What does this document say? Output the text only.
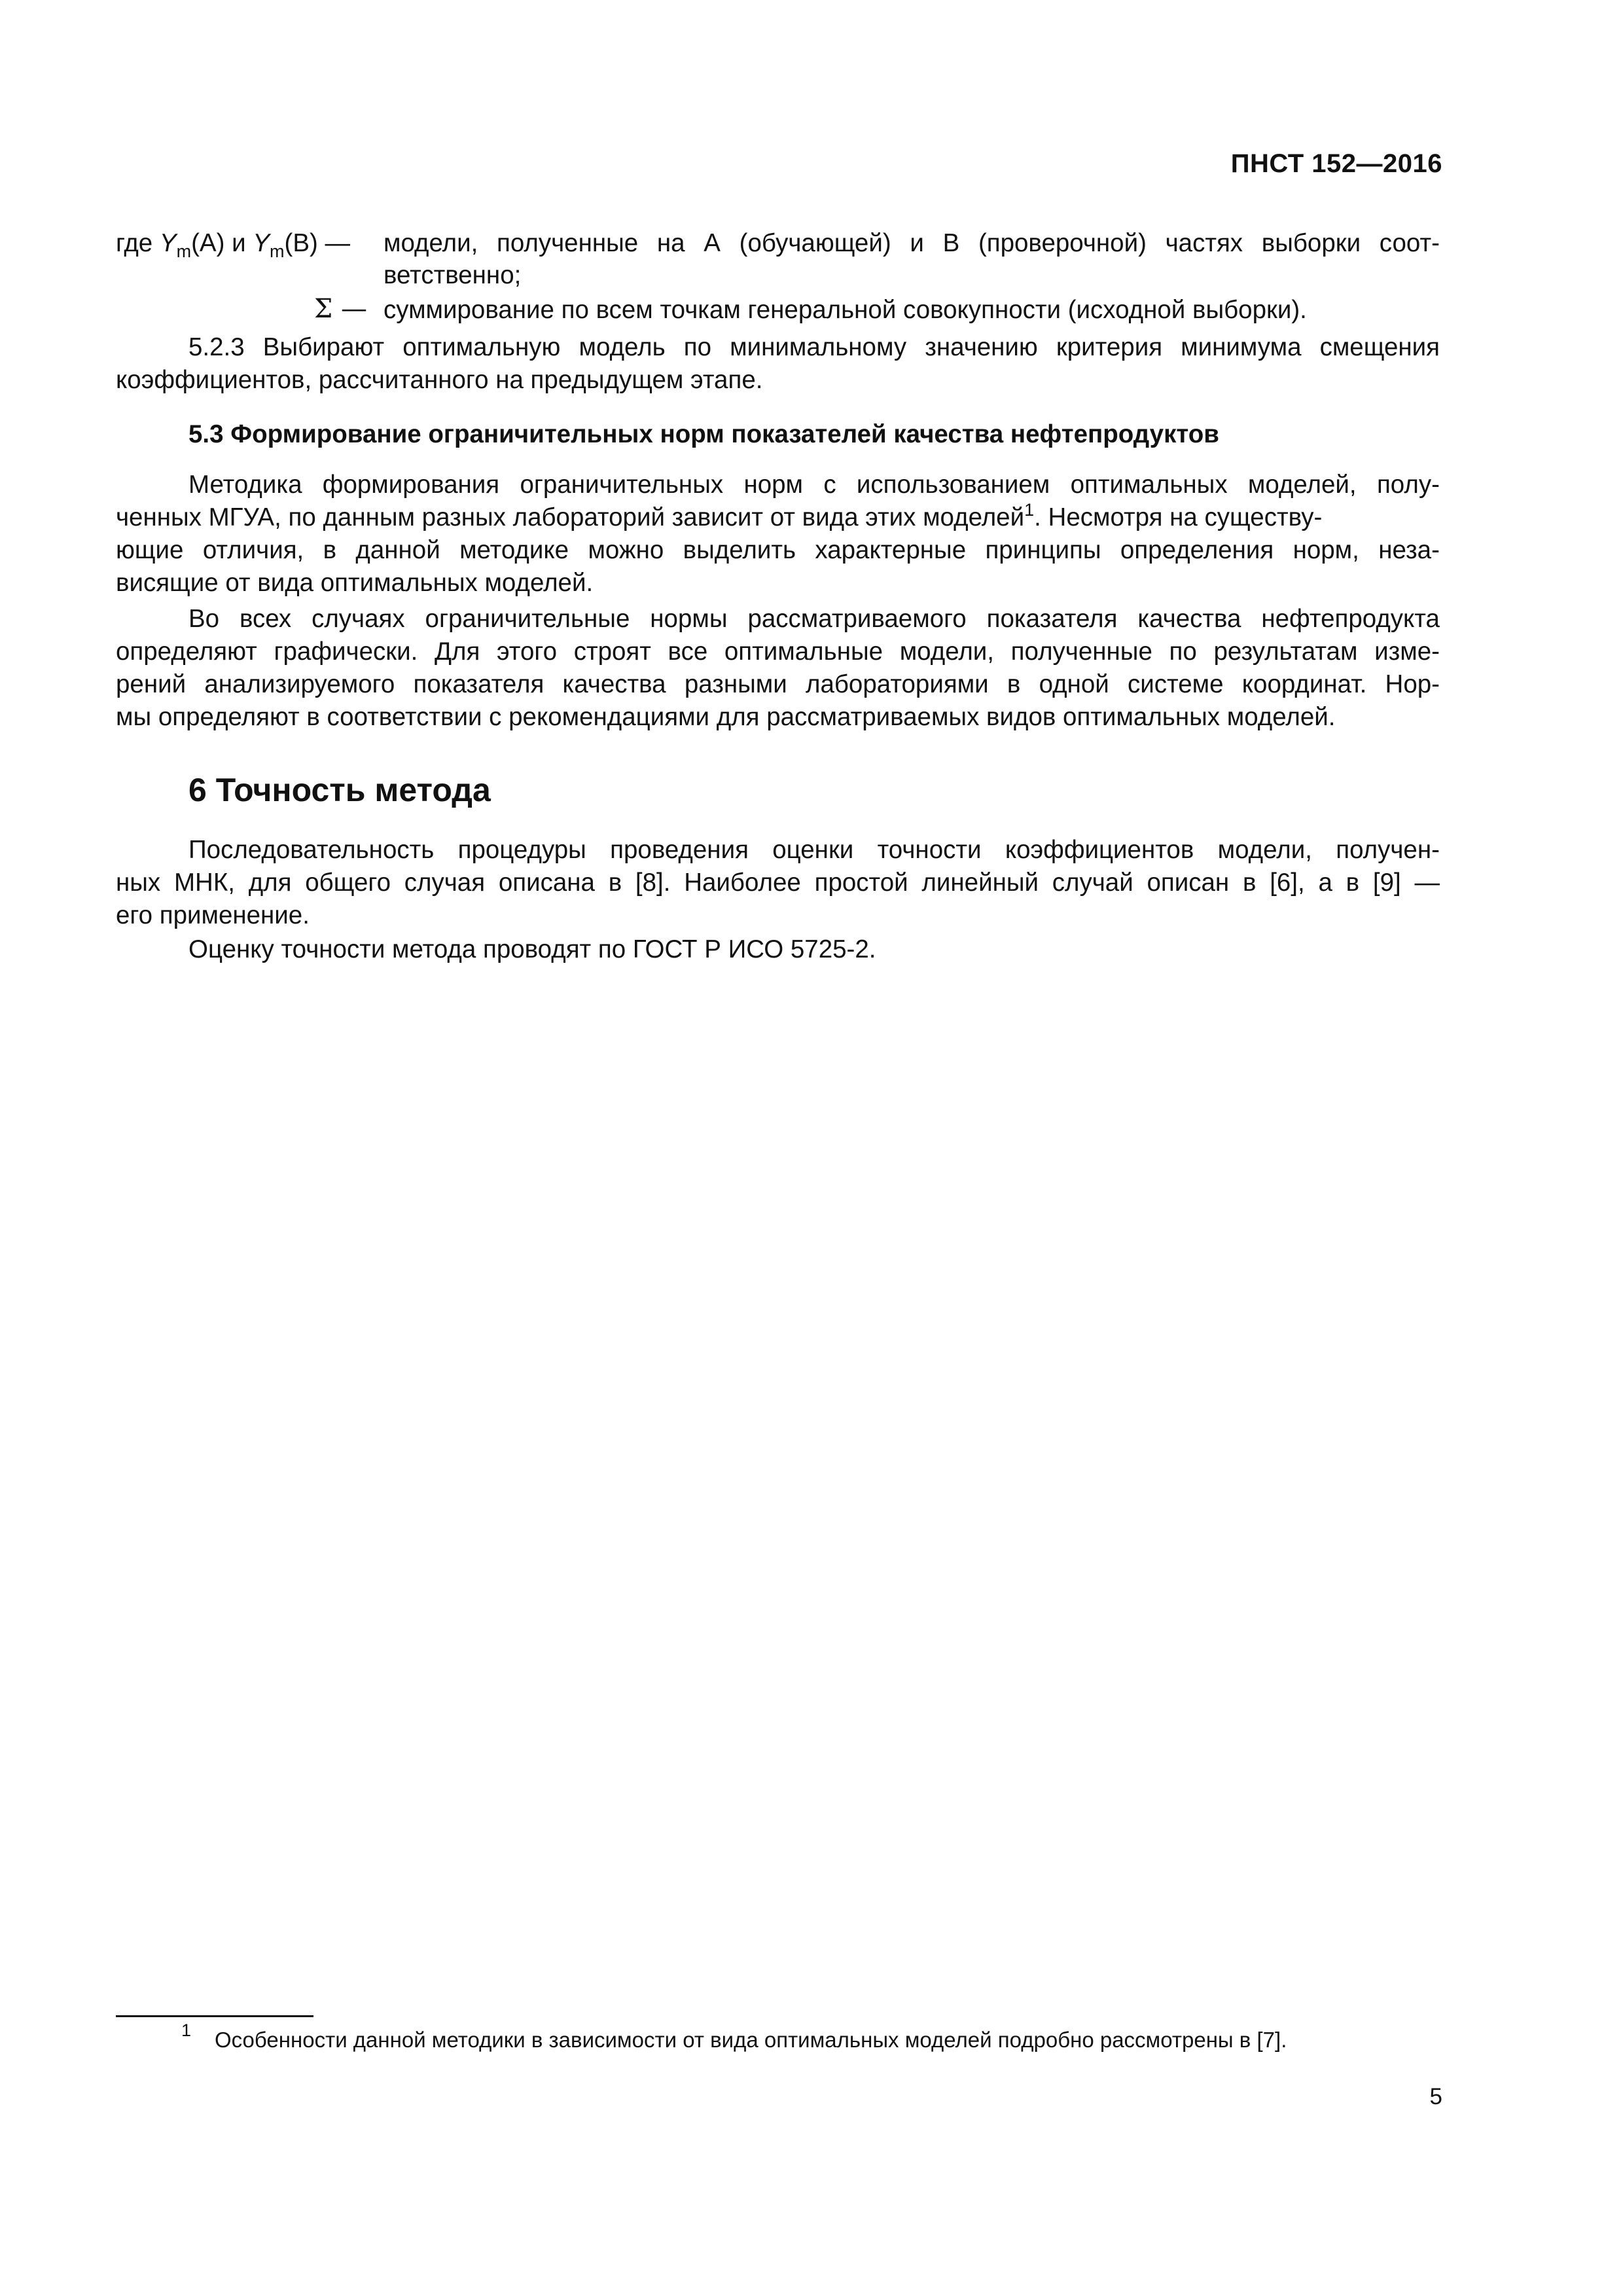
ПНСТ 152—2016
где $Y_m(A)$ и $Y_m(B)$ — модели, полученные на A (обучающей) и B (проверочной) частях выборки соот-
ветственно;
Σ — суммирование по всем точкам генеральной совокупности (исходной выборки).
5.2.3 Выбирают оптимальную модель по минимальному значению критерия минимума смещения
коэффициентов, рассчитанного на предыдущем этапе.
5.3 Формирование ограничительных норм показателей качества нефтепродуктов
Методика формирования ограничительных норм с использованием оптимальных моделей, полу-
ченных МГУА, по данным разных лабораторий зависит от вида этих моделей$^1$. Несмотря на существу-
ющие отличия, в данной методике можно выделить характерные принципы определения норм, неза-
висящие от вида оптимальных моделей.
Во всех случаях ограничительные нормы рассматриваемого показателя качества нефтепродукта
определяют графически. Для этого строят все оптимальные модели, полученные по результатам изме-
рений анализируемого показателя качества разными лабораториями в одной системе координат. Нор-
мы определяют в соответствии с рекомендациями для рассматриваемых видов оптимальных моделей.
6 Точность метода
Последовательность процедуры проведения оценки точности коэффициентов модели, получен-
ных МНК, для общего случая описана в [8]. Наиболее простой линейный случай описан в [6], а в [9] —
его применение.
Оценку точности метода проводят по ГОСТ Р ИСО 5725-2.
1 Особенности данной методики в зависимости от вида оптимальных моделей подробно рассмотрены в [7].
5
